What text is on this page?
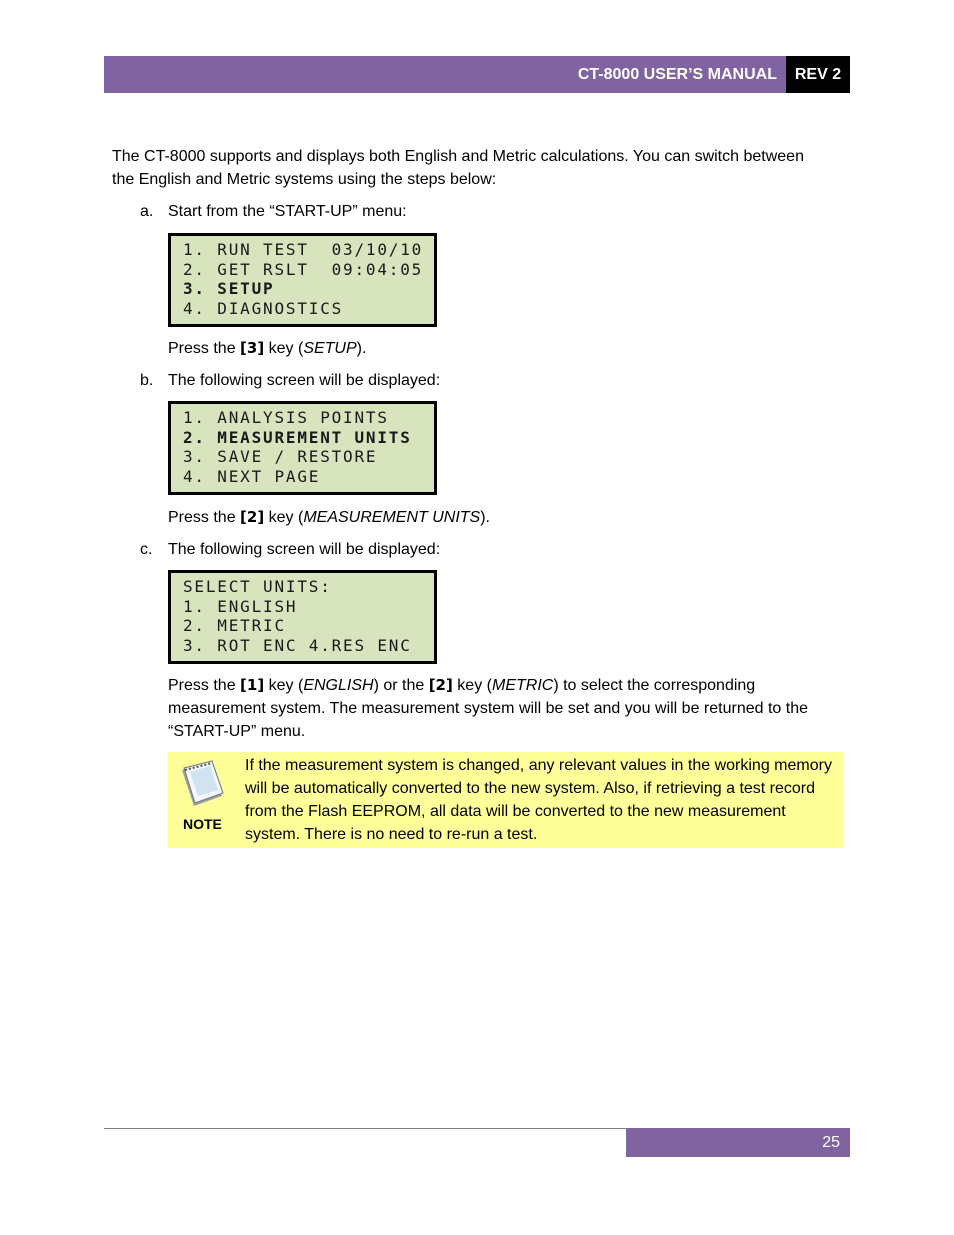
CT-8000 USER’S MANUAL REV 2
The CT-8000 supports and displays both English and Metric calculations. You can switch between the English and Metric systems using the steps below:
a. Start from the “START-UP” menu:
1. RUN TEST  03/10/10
2. GET RSLT  09:04:05
3. SETUP
4. DIAGNOSTICS
Press the [3] key (SETUP).
b. The following screen will be displayed:
1. ANALYSIS POINTS
2. MEASUREMENT UNITS
3. SAVE / RESTORE
4. NEXT PAGE
Press the [2] key (MEASUREMENT UNITS).
c. The following screen will be displayed:
SELECT UNITS:
1. ENGLISH
2. METRIC
3. ROT ENC 4.RES ENC
Press the [1] key (ENGLISH) or the [2] key (METRIC) to select the corresponding measurement system. The measurement system will be set and you will be returned to the “START-UP” menu.
NOTE
If the measurement system is changed, any relevant values in the working memory will be automatically converted to the new system. Also, if retrieving a test record from the Flash EEPROM, all data will be converted to the new measurement system. There is no need to re-run a test.
25
